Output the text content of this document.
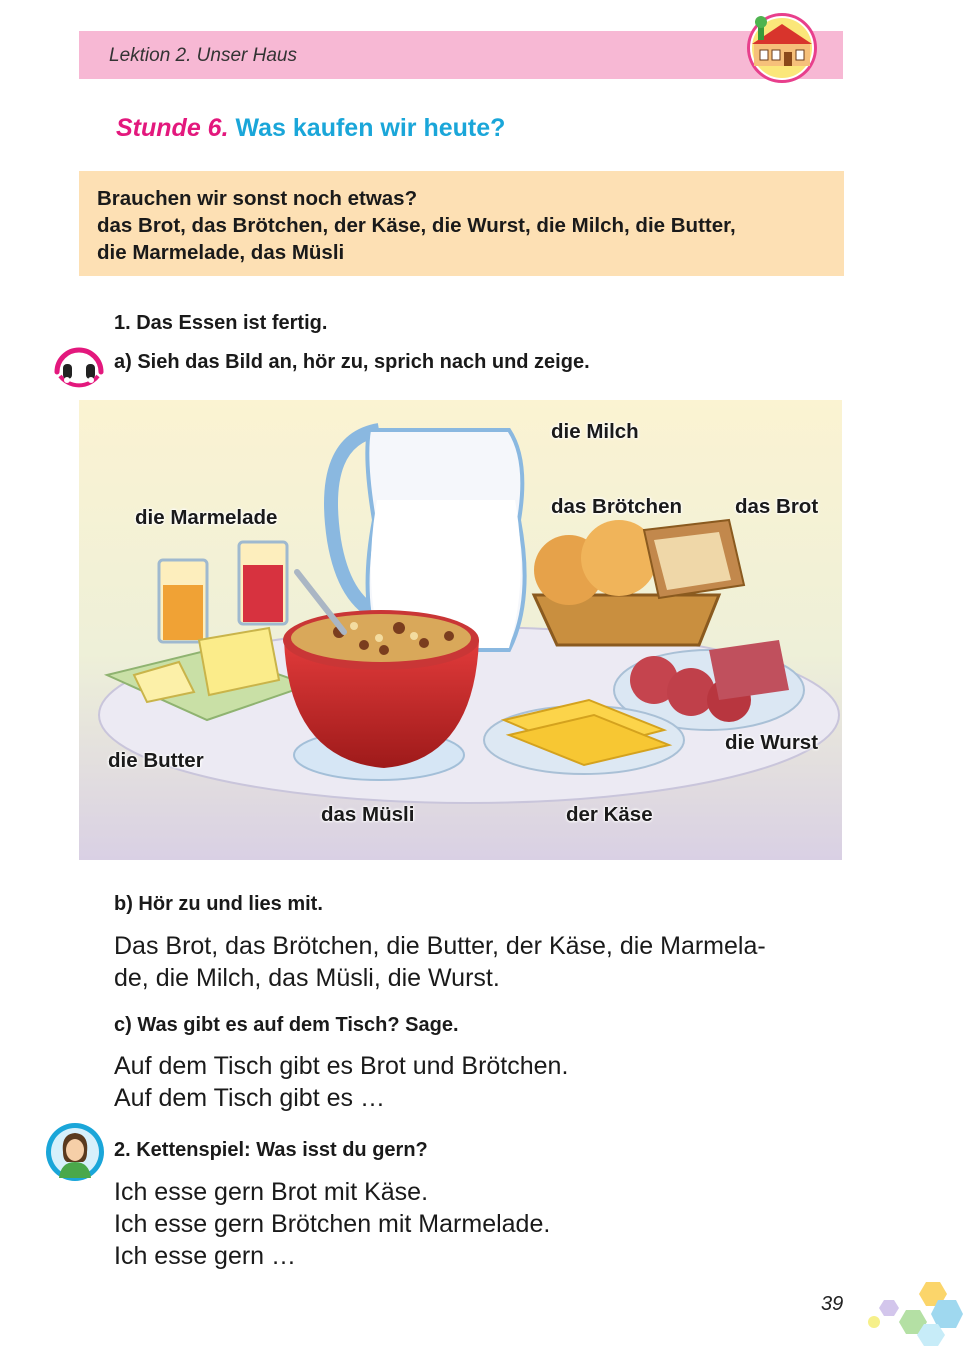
Lektion 2. Unser Haus
Stunde 6. Was kaufen wir heute?
Brauchen wir sonst noch etwas?
das Brot, das Brötchen, der Käse, die Wurst, die Milch, die Butter,
die Marmelade, das Müsli
1. Das Essen ist fertig.
a) Sieh das Bild an, hör zu, sprich nach und zeige.
die Milch
die Marmelade	das Brötchen	das Brot
die Wurst
die Butter
das Müsli	der Käse
b) Hör zu und lies mit.
Das Brot, das Brötchen, die Butter, der Käse, die Marmela-
de, die Milch, das Müsli, die Wurst.
c) Was gibt es auf dem Tisch? Sage.
Auf dem Tisch gibt es Brot und Brötchen.
Auf dem Tisch gibt es …
2. Kettenspiel: Was isst du gern?
Ich esse gern Brot mit Käse.
Ich esse gern Brötchen mit Marmelade.
Ich esse gern …
39
